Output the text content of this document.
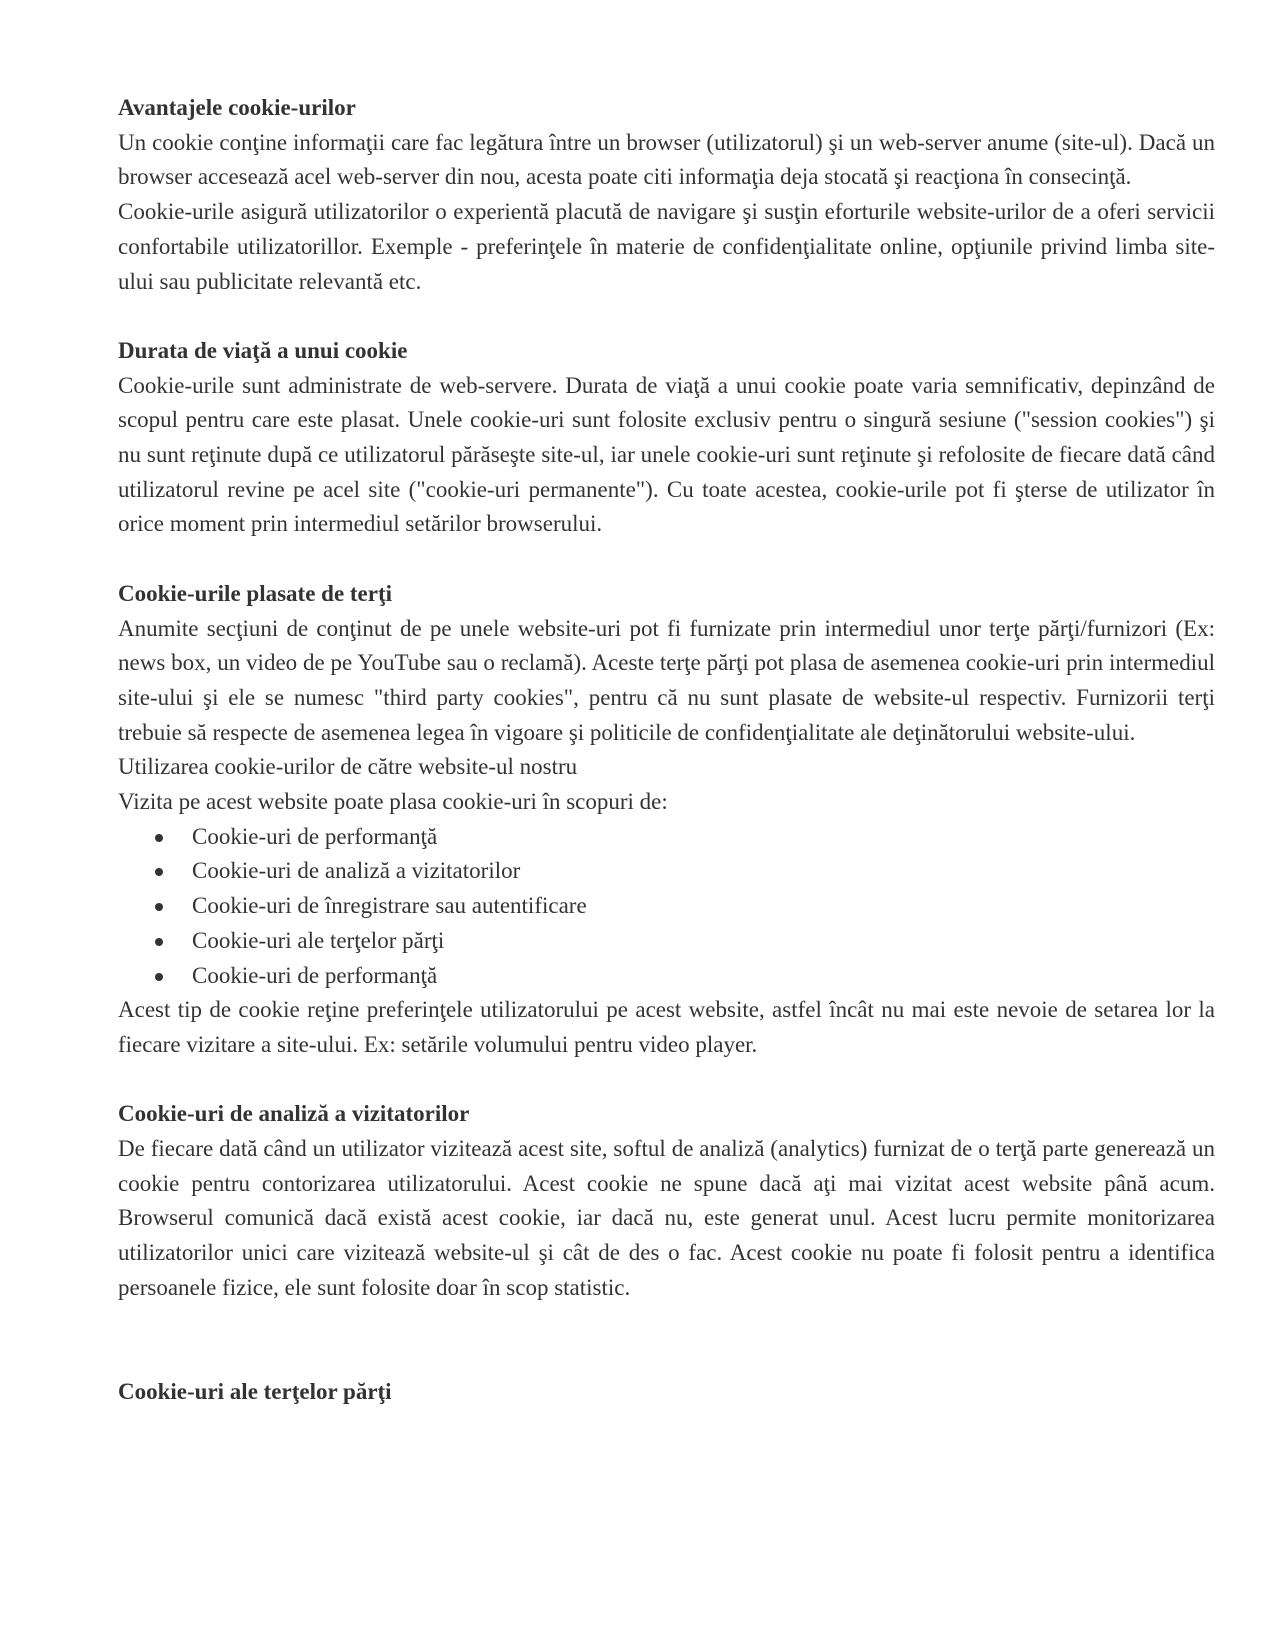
Avantajele cookie-urilor

Un cookie conţine informaţii care fac legătura între un browser (utilizatorul) şi un web-server anume (site-ul). Dacă un browser accesează acel web-server din nou, acesta poate citi informaţia deja stocată şi reacţiona în consecinţă.

Cookie-urile asigură utilizatorilor o experientă placută de navigare şi susţin eforturile website-urilor de a oferi servicii confortabile utilizatorillor. Exemple - preferinţele în materie de confidenţialitate online, opţiunile privind limba site-ului sau publicitate relevantă etc.

Durata de viaţă a unui cookie

Cookie-urile sunt administrate de web-servere. Durata de viaţă a unui cookie poate varia semnificativ, depinzând de scopul pentru care este plasat. Unele cookie-uri sunt folosite exclusiv pentru o singură sesiune ("session cookies") şi nu sunt reţinute după ce utilizatorul părăseşte site-ul, iar unele cookie-uri sunt reţinute şi refolosite de fiecare dată când utilizatorul revine pe acel site ("cookie-uri permanente"). Cu toate acestea, cookie-urile pot fi şterse de utilizator în orice moment prin intermediul setărilor browserului.

Cookie-urile plasate de terţi

Anumite secţiuni de conţinut de pe unele website-uri pot fi furnizate prin intermediul unor terţe părţi/furnizori (Ex: news box, un video de pe YouTube sau o reclamă). Aceste terţe părţi pot plasa de asemenea cookie-uri prin intermediul site-ului şi ele se numesc "third party cookies", pentru că nu sunt plasate de website-ul respectiv. Furnizorii terţi trebuie să respecte de asemenea legea în vigoare şi politicile de confidenţialitate ale deţinătorului website-ului.

Utilizarea cookie-urilor de către website-ul nostru

Vizita pe acest website poate plasa cookie-uri în scopuri de:

Cookie-uri de performanţă
Cookie-uri de analiză a vizitatorilor
Cookie-uri de înregistrare sau autentificare
Cookie-uri ale terţelor părţi
Cookie-uri de performanţă

Acest tip de cookie reţine preferinţele utilizatorului pe acest website, astfel încât nu mai este nevoie de setarea lor la fiecare vizitare a site-ului. Ex: setările volumului pentru video player.

Cookie-uri de analiză a vizitatorilor

De fiecare dată când un utilizator vizitează acest site, softul de analiză (analytics) furnizat de o terţă parte generează un cookie pentru contorizarea utilizatorului. Acest cookie ne spune dacă aţi mai vizitat acest website până acum. Browserul comunică dacă există acest cookie, iar dacă nu, este generat unul. Acest lucru permite monitorizarea utilizatorilor unici care vizitează website-ul şi cât de des o fac. Acest cookie nu poate fi folosit pentru a identifica persoanele fizice, ele sunt folosite doar în scop statistic.

Cookie-uri ale terţelor părţi
